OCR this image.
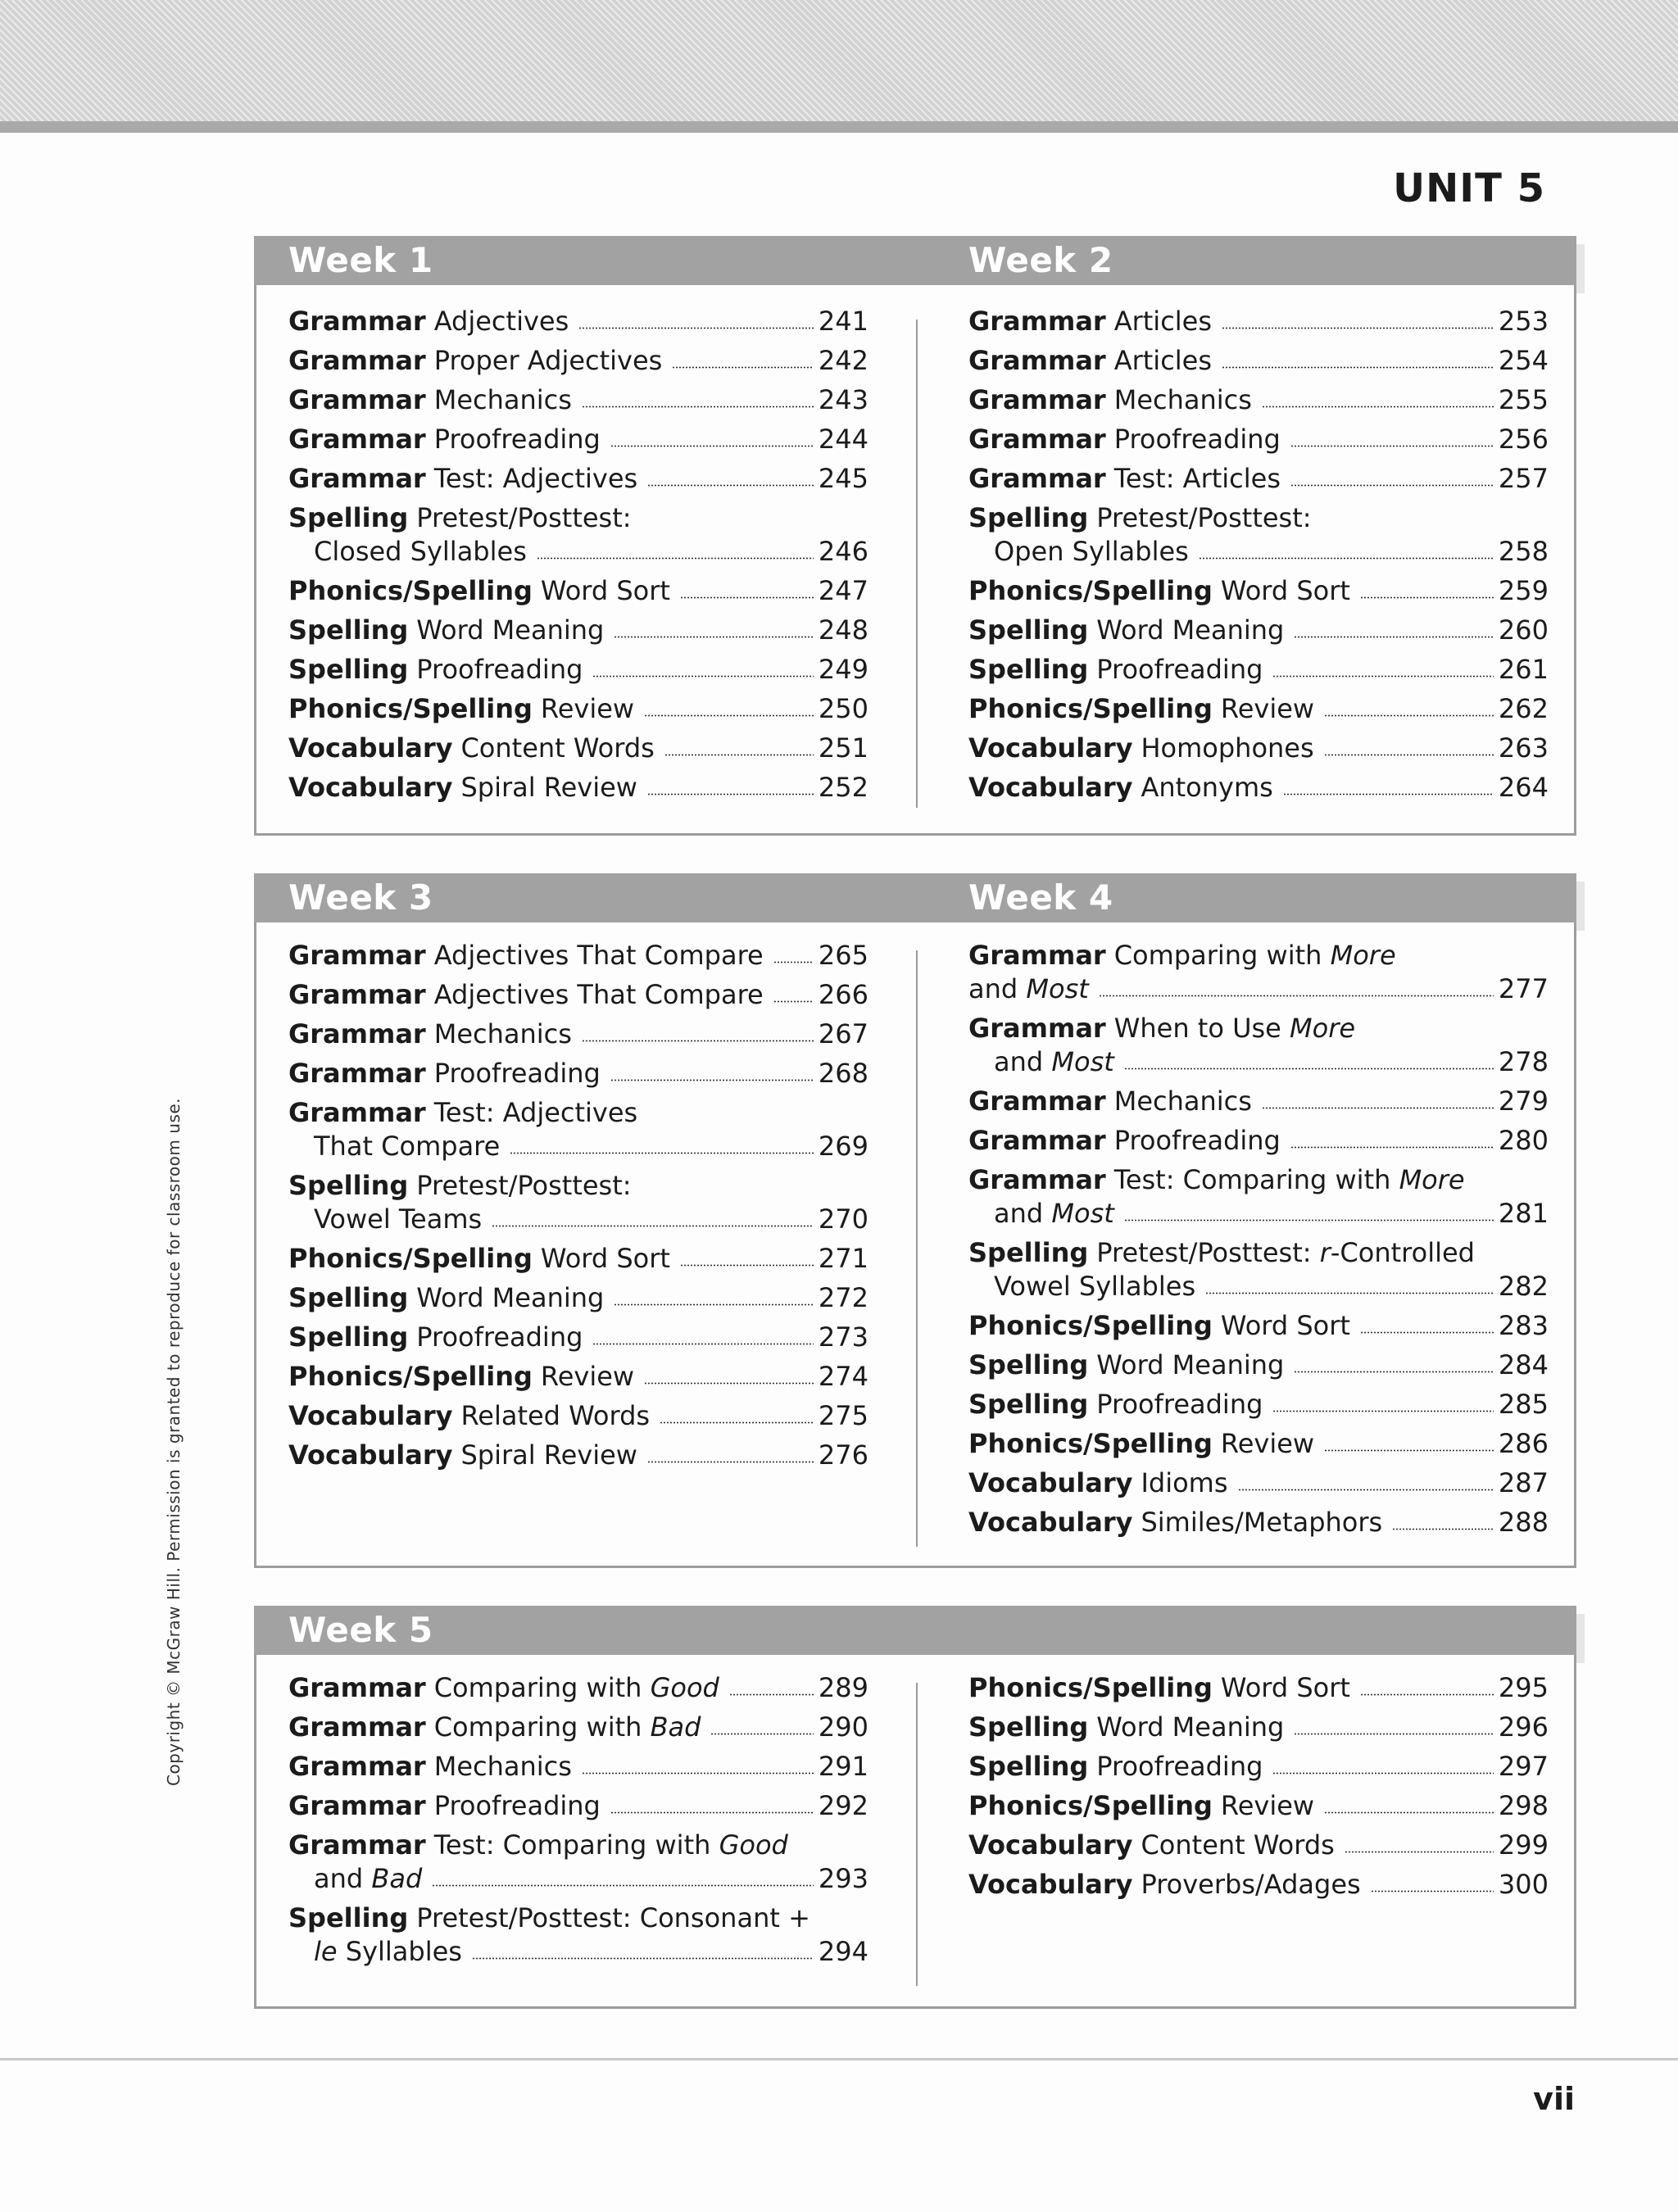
UNIT 5
Copyright © McGraw Hill. Permission is granted to reproduce for classroom use.
Week 1	Week 2
Grammar Adjectives	241
Grammar Proper Adjectives	242
Grammar Mechanics	243
Grammar Proofreading	244
Grammar Test: Adjectives	245
Spelling Pretest/Posttest:
Closed Syllables	246
Phonics/Spelling Word Sort	247
Spelling Word Meaning	248
Spelling Proofreading	249
Phonics/Spelling Review	250
Vocabulary Content Words	251
Vocabulary Spiral Review	252
Grammar Articles	253
Grammar Articles	254
Grammar Mechanics	255
Grammar Proofreading	256
Grammar Test: Articles	257
Spelling Pretest/Posttest:
Open Syllables	258
Phonics/Spelling Word Sort	259
Spelling Word Meaning	260
Spelling Proofreading	261
Phonics/Spelling Review	262
Vocabulary Homophones	263
Vocabulary Antonyms	264
Week 3	Week 4
Grammar Adjectives That Compare 265
Grammar Adjectives That Compare 266
Grammar Mechanics	267
Grammar Proofreading	268
Grammar Test: Adjectives
That Compare	269
Spelling Pretest/Posttest:
Vowel Teams	270
Phonics/Spelling Word Sort	271
Spelling Word Meaning	272
Spelling Proofreading	273
Phonics/Spelling Review	274
Vocabulary Related Words	275
Vocabulary Spiral Review	276
Grammar Comparing with More
and Most	277
Grammar When to Use More
and Most	278
Grammar Mechanics	279
Grammar Proofreading	280
Grammar Test: Comparing with More
and Most	281
Spelling Pretest/Posttest: r -Controlled
Vowel Syllables	282
Phonics/Spelling Word Sort	283
Spelling Word Meaning	284
Spelling Proofreading	285
Phonics/Spelling Review	286
Vocabulary Idioms	287
Vocabulary Similes/Metaphors	288
Week 5
Grammar Comparing with Good	289
Grammar Comparing with Bad	290
Grammar Mechanics	291
Grammar Proofreading	292
Grammar Test: Comparing with Good
and Bad	293
Spelling Pretest/Posttest: Consonant +
le Syllables	294
Phonics/Spelling Word Sort	295
Spelling Word Meaning	296
Spelling Proofreading	297
Phonics/Spelling Review	298
Vocabulary Content Words	299
Vocabulary Proverbs/Adages	300
vii
